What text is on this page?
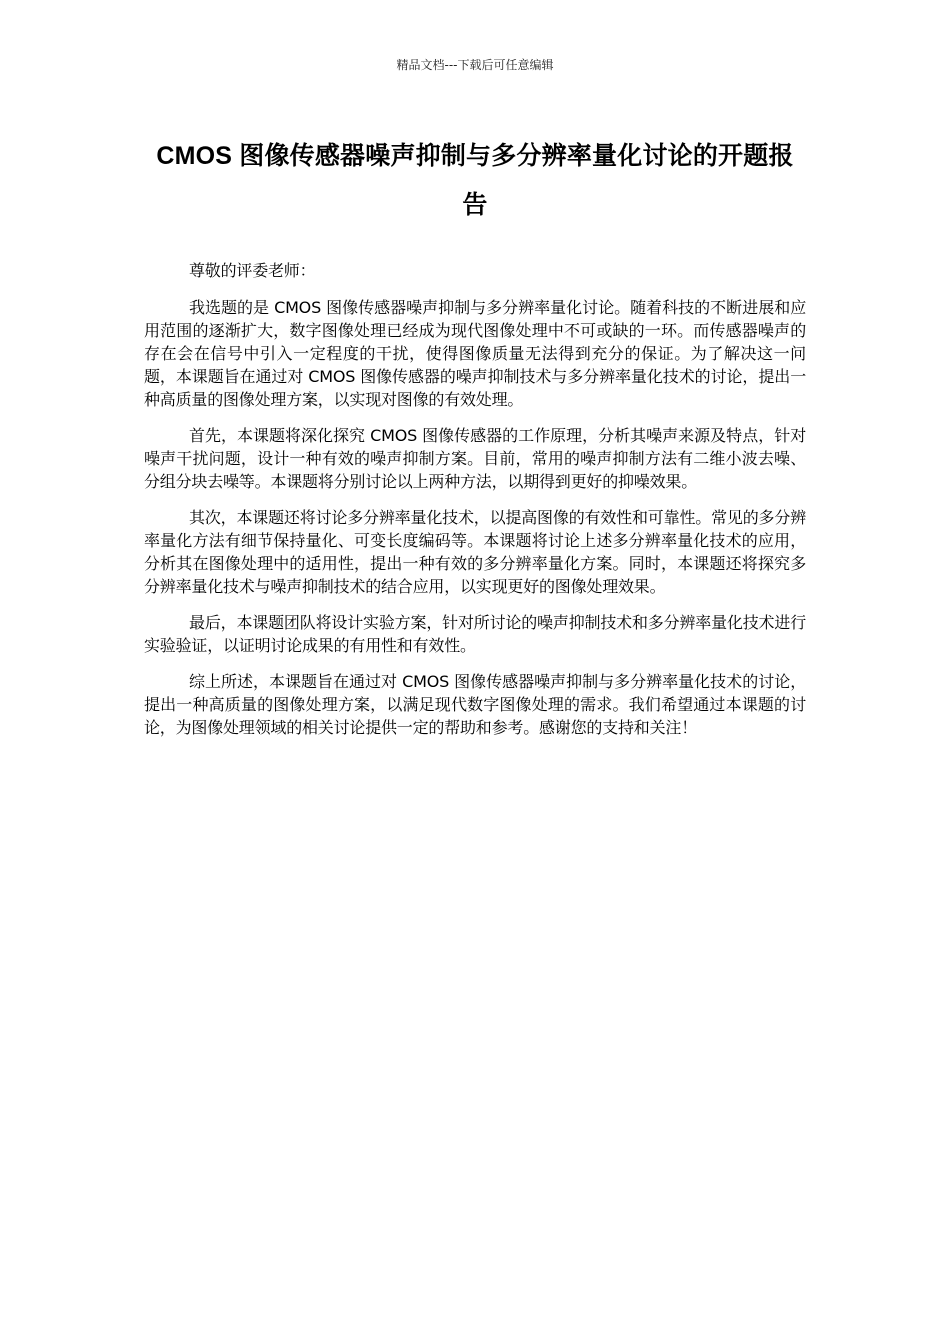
精品文档---下载后可任意编辑
CMOS 图像传感器噪声抑制与多分辨率量化讨论的开题报告

尊敬的评委老师：

我选题的是 CMOS 图像传感器噪声抑制与多分辨率量化讨论。随着科技的不断进展和应用范围的逐渐扩大，数字图像处理已经成为现代图像处理中不可或缺的一环。而传感器噪声的存在会在信号中引入一定程度的干扰，使得图像质量无法得到充分的保证。为了解决这一问题，本课题旨在通过对 CMOS 图像传感器的噪声抑制技术与多分辨率量化技术的讨论，提出一种高质量的图像处理方案，以实现对图像的有效处理。

首先，本课题将深化探究 CMOS 图像传感器的工作原理，分析其噪声来源及特点，针对噪声干扰问题，设计一种有效的噪声抑制方案。目前，常用的噪声抑制方法有二维小波去噪、分组分块去噪等。本课题将分别讨论以上两种方法，以期得到更好的抑噪效果。

其次，本课题还将讨论多分辨率量化技术，以提高图像的有效性和可靠性。常见的多分辨率量化方法有细节保持量化、可变长度编码等。本课题将讨论上述多分辨率量化技术的应用，分析其在图像处理中的适用性，提出一种有效的多分辨率量化方案。同时，本课题还将探究多分辨率量化技术与噪声抑制技术的结合应用，以实现更好的图像处理效果。

最后，本课题团队将设计实验方案，针对所讨论的噪声抑制技术和多分辨率量化技术进行实验验证，以证明讨论成果的有用性和有效性。

综上所述，本课题旨在通过对 CMOS 图像传感器噪声抑制与多分辨率量化技术的讨论，提出一种高质量的图像处理方案，以满足现代数字图像处理的需求。我们希望通过本课题的讨论，为图像处理领域的相关讨论提供一定的帮助和参考。感谢您的支持和关注！
